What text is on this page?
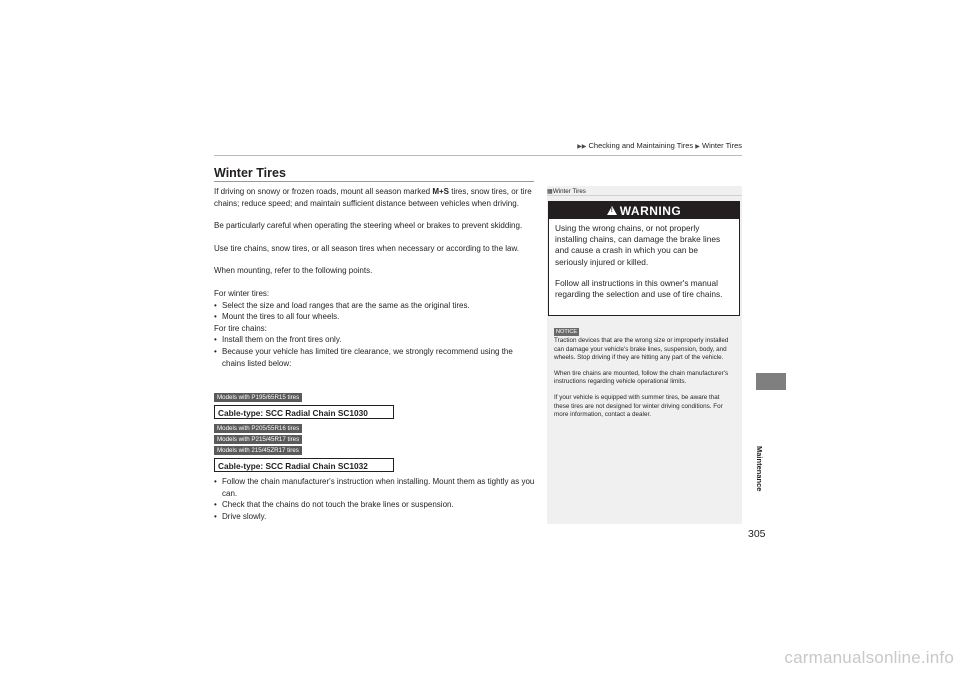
▶▶ Checking and Maintaining Tires ▶ Winter Tires
Winter Tires

If driving on snowy or frozen roads, mount all season marked M+S tires, snow tires, or tire chains; reduce speed; and maintain sufficient distance between vehicles when driving.

Be particularly careful when operating the steering wheel or brakes to prevent skidding.

Use tire chains, snow tires, or all season tires when necessary or according to the law.

When mounting, refer to the following points.

For winter tires:

• Select the size and load ranges that are the same as the original tires.

• Mount the tires to all four wheels.

For tire chains:

• Install them on the front tires only.

• Because your vehicle has limited tire clearance, we strongly recommend using the chains listed below:

Models with P195/65R15 tires
Cable-type: SCC Radial Chain SC1030
Models with P205/55R16 tires
Models with P215/45R17 tires
Models with 215/45ZR17 tires
Cable-type: SCC Radial Chain SC1032

• Follow the chain manufacturer's instruction when installing. Mount them as tightly as you can.

• Check that the chains do not touch the brake lines or suspension.

• Drive slowly.

▦Winter Tires
! WARNING

Using the wrong chains, or not properly installing chains, can damage the brake lines and cause a crash in which you can be seriously injured or killed.

Follow all instructions in this owner's manual regarding the selection and use of tire chains.

NOTICE

Traction devices that are the wrong size or improperly installed can damage your vehicle's brake lines, suspension, body, and wheels. Stop driving if they are hitting any part of the vehicle.

When tire chains are mounted, follow the chain manufacturer's instructions regarding vehicle operational limits.

If your vehicle is equipped with summer tires, be aware that these tires are not designed for winter driving conditions. For more information, contact a dealer.

Maintenance
305
carmanualsonline.info
